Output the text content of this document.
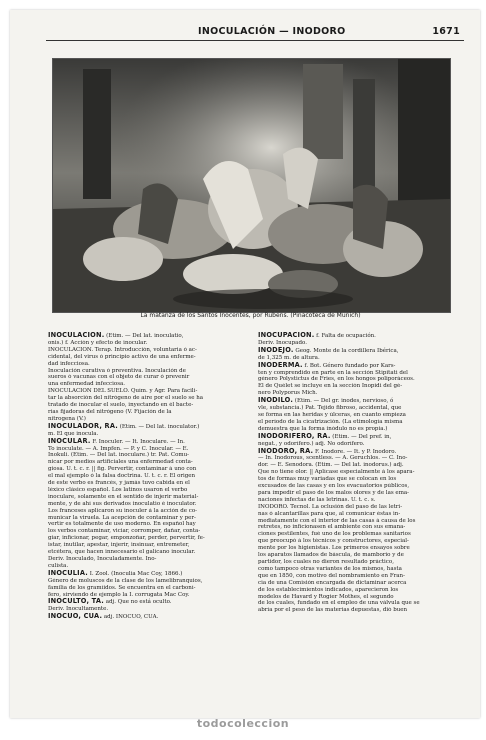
INOCULACIÓN — INODORO	1671
La matanza de los Santos Inocentes, por Rubens. (Pinacoteca de Munich)
INOCULACIÓN. (Etim. — Del lat. inoculatio,
onis.) f. Acción y efecto de inocular.
INOCULACIÓN. Terap. Introducción, voluntaria ó ac-
cidental, del virus ó principio activo de una enferme-
dad infecciosa.
Inoculación curativa ó preventiva. Inoculación de
sueros ó vacunas con el objeto de curar ó prevenir
una enfermedad infecciosa.
INOCULACIÓN DEL SUELO. Quím. y Agr. Para facili-
tar la absorción del nitrógeno de aire por el suelo se ha
tratado de inocular el suelo, inyectando en él bacte-
rias fijadoras del nitrógeno (V. Fijación de la
nitrogena (V.)
INOCULADOR, RA. (Etim. — Del lat. inoculator.)
m. El que inocula.
INOCULAR. F. Inoculer. — It. Inoculare. — In.
To inoculate. — A. Impfen. — P. y C. Inocular. — E.
Inokuli. (Etim. — Del lat. inoculare.) tr. Pat. Comu-
nicar por medios artificiales una enfermedad conta-
giosa. Ú. t. c. r. || fig. Pervertir, contaminar á uno con
el mal ejemplo ó la falsa doctrina. Ú. t. c. r. El origen
de este verbo es francés, y jamás tuvo cabida en el
léxico clásico español. Los latinos usaron el verbo
inoculare, solamente en el sentido de injerir material-
mente, y de ahí sus derivados inoculatio é inoculator.
Los franceses aplicaron su inoculer á la acción de co-
municar la viruela. La acepción de contaminar y per-
vertir es totalmente de uso moderno. En español hay
los verbos contaminar, viciar, corromper, dañar, conta-
giar, inficionar, pegar, emponzoñar, perder, pervertir, fe-
istar, inutilar, apestar, injerir, insinuar, entremeter,
etcétera, que hacen innecesario el galicano inocular.
Deriv. Inoculado, Inoculadamente. Ino-
culista.
INOCULIA. I. Zool. (Inoculia Mac Coy, 1866.)
Género de moluscos de la clase de los lamelibranquios,
familia de los gramíidos. Se encuentra en el carboní-
fero, sirviendo de ejemplo la I. corrugata Mac Coy.
INOCULTO, TA. adj. Que no está oculto.
Deriv. Inocultamente.
INOCUO, CUA. adj. INOCUO, CUA.
INOCUPACIÓN. f. Falta de ocupación.
Deriv. Inocupado.
INODEJO. Geog. Monte de la cordillera Ibérica,
de 1,325 m. de altura.
INODERMA. f. Bot. Género fundado por Kars-
ten y comprendido en parte en la sección Stipitati del
género Polystictus de Fries, en los hongos poliporáceos.
El de Quélet se incluye en la sección Inopidi del gé-
nero Polyporus Mich.
INÓDILO. (Etim. — Del gr. inodes, nervioso, ó
vle, substancia.) Pat. Tejido fibroso, accidental, que
se forma en las heridas y úlceras, en cuanto empieza
el período de la cicatrización. (La etimología misma
demuestra que la forma inódulo no es propia.)
INODORÍFERO, RA. (Etim. — Del pref. in,
negat., y odorífero.) adj. No odorífero.
INODORO, RA. F. Inodore. — It. y P. Inodoro.
— In. Inodorous, scentless. — A. Geruchlos. — C. Ino-
dor. — E. Senodora. (Etim. — Del lat. inodorus.) adj.
Que no tiene olor. || Aplícase especialmente á los apara-
tos de formas muy variadas que se colocan en los
excusados de las casas y en los evacuatorios públicos,
para impedir el paso de los malos olores y de las ema-
naciones infectas de las letrinas. Ú. t. c. s.
INODORO. Tecnol. La oclusión del paso de las letri-
nas ó alcantarillas para que, al comunicar éstas in-
mediatamente con el interior de las casas á causa de los
retretes, no inficionasen el ambiente con sus emana-
ciones pestilentes, fué uno de los problemas sanitarios
que preocupó á los técnicos y constructores, especial-
mente por los higienistas. Los primeros ensayos sobre
los aparatos llamados de báscula, de mamborio y de
partidor, los cuales no dieron resultado práctico,
como tampoco otras variantes de los mismos, hasta
que en 1850, con motivo del nombramiento en Fran-
cia de una Comisión encargada de dictaminar acerca
de los establecimientos indicados, aparecieron los
modelos de Havard y Rogier Mothes, el segundo
de los cuales, fundado en el empleo de una válvula que se
abría por el peso de las materias depuestas, dió buen
todocoleccion
